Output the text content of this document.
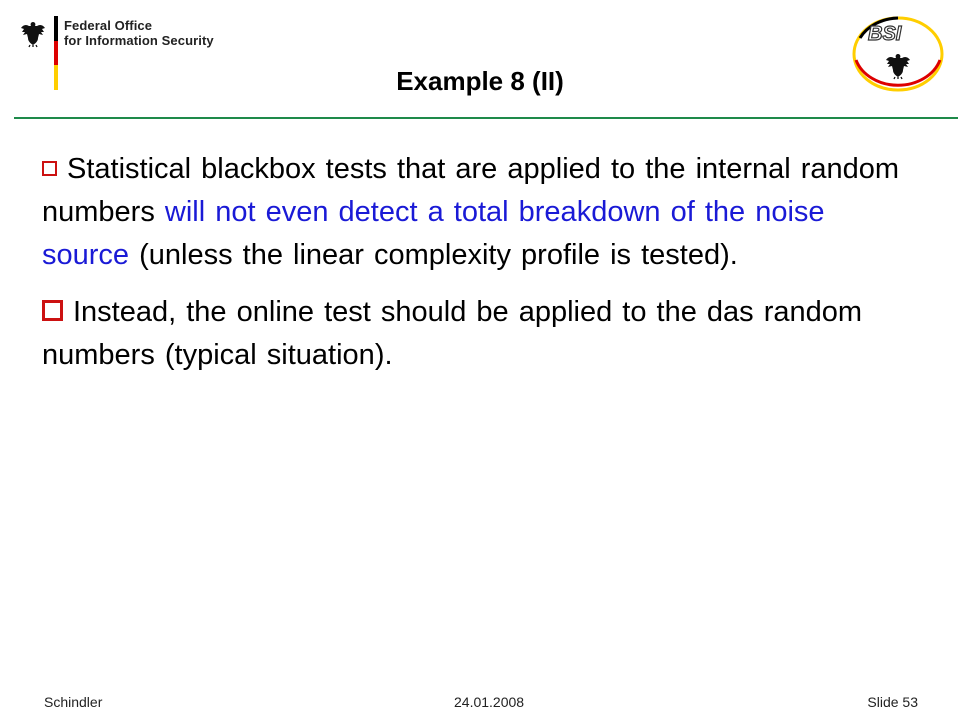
Federal Office
for Information Security	BSI
Example 8 (II)

Statistical blackbox tests that are applied to the internal random numbers will not even detect a total breakdown of the noise source (unless the linear complexity profile is tested).

Instead, the online test should be applied to the das random numbers (typical situation).

Schindler	24.01.2008	Slide 53
